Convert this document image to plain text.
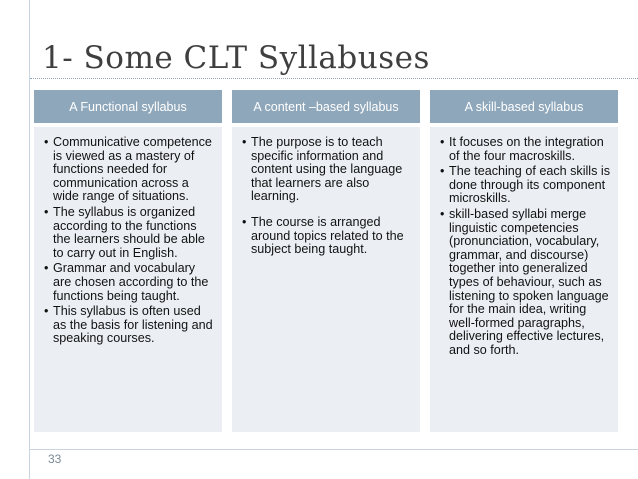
1- Some CLT Syllabuses
A Functional syllabus
• Communicative competence is viewed as a mastery of functions needed for communication across a wide range of situations.
• The syllabus is organized according to the functions the learners should be able to carry out in English.
• Grammar and vocabulary are chosen according to the functions being taught.
• This syllabus is often used as the basis for listening and speaking courses.
A content –based syllabus
• The purpose is to teach specific information and content using the language that learners are also learning.
• The course is arranged around topics related to the subject being taught.
A skill-based syllabus
• It focuses on the integration of the four macroskills.
• The teaching of each skills is done through its component microskills.
• skill-based syllabi merge linguistic competencies (pronunciation, vocabulary, grammar, and discourse) together into generalized types of behaviour, such as listening to spoken language for the main idea, writing well-formed paragraphs, delivering effective lectures, and so forth.
33
